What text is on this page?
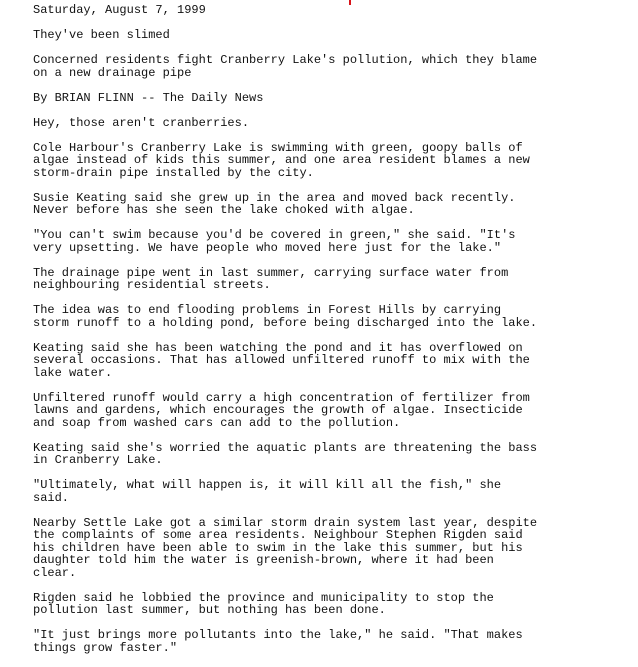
Saturday, August 7, 1999

They've been slimed

Concerned residents fight Cranberry Lake's pollution, which they blame
on a new drainage pipe

By BRIAN FLINN -- The Daily News

Hey, those aren't cranberries.

Cole Harbour's Cranberry Lake is swimming with green, goopy balls of
algae instead of kids this summer, and one area resident blames a new
storm-drain pipe installed by the city.

Susie Keating said she grew up in the area and moved back recently.
Never before has she seen the lake choked with algae.

"You can't swim because you'd be covered in green," she said. "It's
very upsetting. We have people who moved here just for the lake."

The drainage pipe went in last summer, carrying surface water from
neighbouring residential streets.

The idea was to end flooding problems in Forest Hills by carrying
storm runoff to a holding pond, before being discharged into the lake.

Keating said she has been watching the pond and it has overflowed on
several occasions. That has allowed unfiltered runoff to mix with the
lake water.

Unfiltered runoff would carry a high concentration of fertilizer from
lawns and gardens, which encourages the growth of algae. Insecticide
and soap from washed cars can add to the pollution.

Keating said she's worried the aquatic plants are threatening the bass
in Cranberry Lake.

"Ultimately, what will happen is, it will kill all the fish," she
said.

Nearby Settle Lake got a similar storm drain system last year, despite
the complaints of some area residents. Neighbour Stephen Rigden said
his children have been able to swim in the lake this summer, but his
daughter told him the water is greenish-brown, where it had been
clear.

Rigden said he lobbied the province and municipality to stop the
pollution last summer, but nothing has been done.

"It just brings more pollutants into the lake," he said. "That makes
things grow faster."
